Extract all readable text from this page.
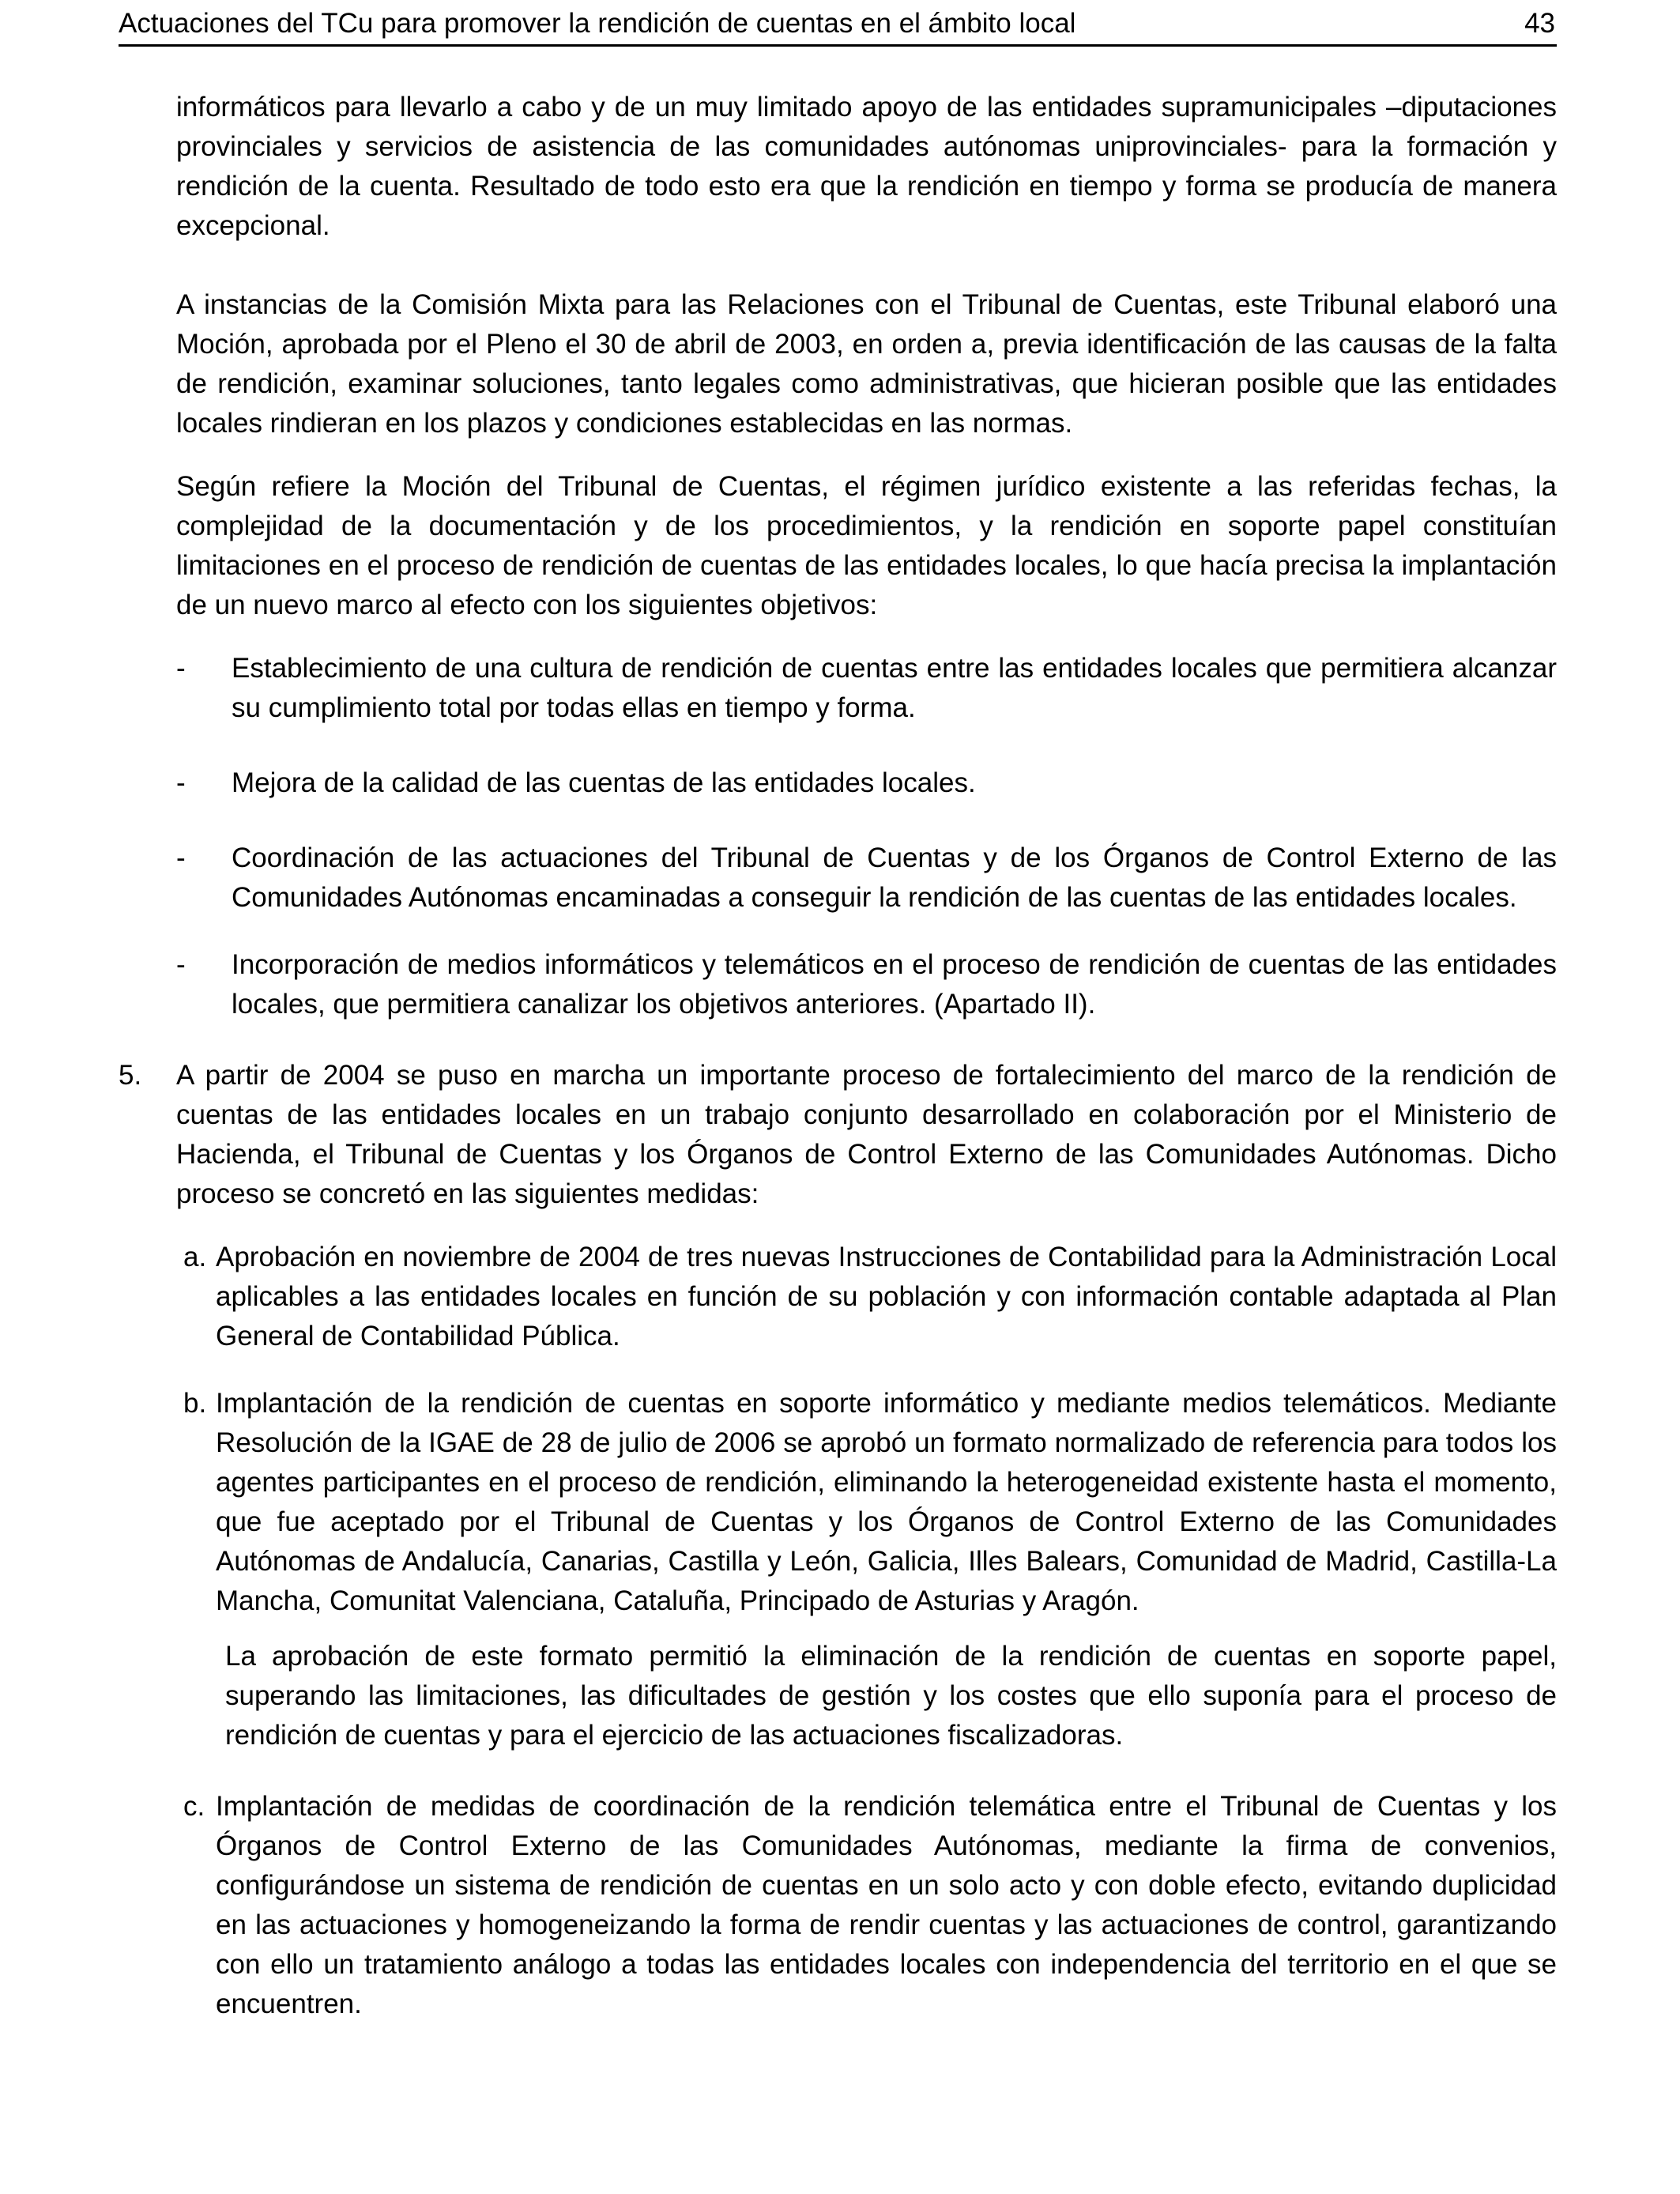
Actuaciones del TCu para promover la rendición de cuentas en el ámbito local	43

informáticos para llevarlo a cabo y de un muy limitado apoyo de las entidades supramunicipales –diputaciones provinciales y servicios de asistencia de las comunidades autónomas uniprovinciales- para la formación y rendición de la cuenta. Resultado de todo esto era que la rendición en tiempo y forma se producía de manera excepcional.

A instancias de la Comisión Mixta para las Relaciones con el Tribunal de Cuentas, este Tribunal elaboró una Moción, aprobada por el Pleno el 30 de abril de 2003, en orden a, previa identificación de las causas de la falta de rendición, examinar soluciones, tanto legales como administrativas, que hicieran posible que las entidades locales rindieran en los plazos y condiciones establecidas en las normas.

Según refiere la Moción del Tribunal de Cuentas, el régimen jurídico existente a las referidas fechas, la complejidad de la documentación y de los procedimientos, y la rendición en soporte papel constituían limitaciones en el proceso de rendición de cuentas de las entidades locales, lo que hacía precisa la implantación de un nuevo marco al efecto con los siguientes objetivos:

-	Establecimiento de una cultura de rendición de cuentas entre las entidades locales que permitiera alcanzar su cumplimiento total por todas ellas en tiempo y forma.
-	Mejora de la calidad de las cuentas de las entidades locales.
-	Coordinación de las actuaciones del Tribunal de Cuentas y de los Órganos de Control Externo de las Comunidades Autónomas encaminadas a conseguir la rendición de las cuentas de las entidades locales.
-	Incorporación de medios informáticos y telemáticos en el proceso de rendición de cuentas de las entidades locales, que permitiera canalizar los objetivos anteriores. (Apartado II).
5.	A partir de 2004 se puso en marcha un importante proceso de fortalecimiento del marco de la rendición de cuentas de las entidades locales en un trabajo conjunto desarrollado en colaboración por el Ministerio de Hacienda, el Tribunal de Cuentas y los Órganos de Control Externo de las Comunidades Autónomas. Dicho proceso se concretó en las siguientes medidas:
a. Aprobación en noviembre de 2004 de tres nuevas Instrucciones de Contabilidad para la Administración Local aplicables a las entidades locales en función de su población y con información contable adaptada al Plan General de Contabilidad Pública.
b. Implantación de la rendición de cuentas en soporte informático y mediante medios telemáticos. Mediante Resolución de la IGAE de 28 de julio de 2006 se aprobó un formato normalizado de referencia para todos los agentes participantes en el proceso de rendición, eliminando la heterogeneidad existente hasta el momento, que fue aceptado por el Tribunal de Cuentas y los Órganos de Control Externo de las Comunidades Autónomas de Andalucía, Canarias, Castilla y León, Galicia, Illes Balears, Comunidad de Madrid, Castilla-La Mancha, Comunitat Valenciana, Cataluña, Principado de Asturias y Aragón.

La aprobación de este formato permitió la eliminación de la rendición de cuentas en soporte papel, superando las limitaciones, las dificultades de gestión y los costes que ello suponía para el proceso de rendición de cuentas y para el ejercicio de las actuaciones fiscalizadoras.

c. Implantación de medidas de coordinación de la rendición telemática entre el Tribunal de Cuentas y los Órganos de Control Externo de las Comunidades Autónomas, mediante la firma de convenios, configurándose un sistema de rendición de cuentas en un solo acto y con doble efecto, evitando duplicidad en las actuaciones y homogeneizando la forma de rendir cuentas y las actuaciones de control, garantizando con ello un tratamiento análogo a todas las entidades locales con independencia del territorio en el que se encuentren.
